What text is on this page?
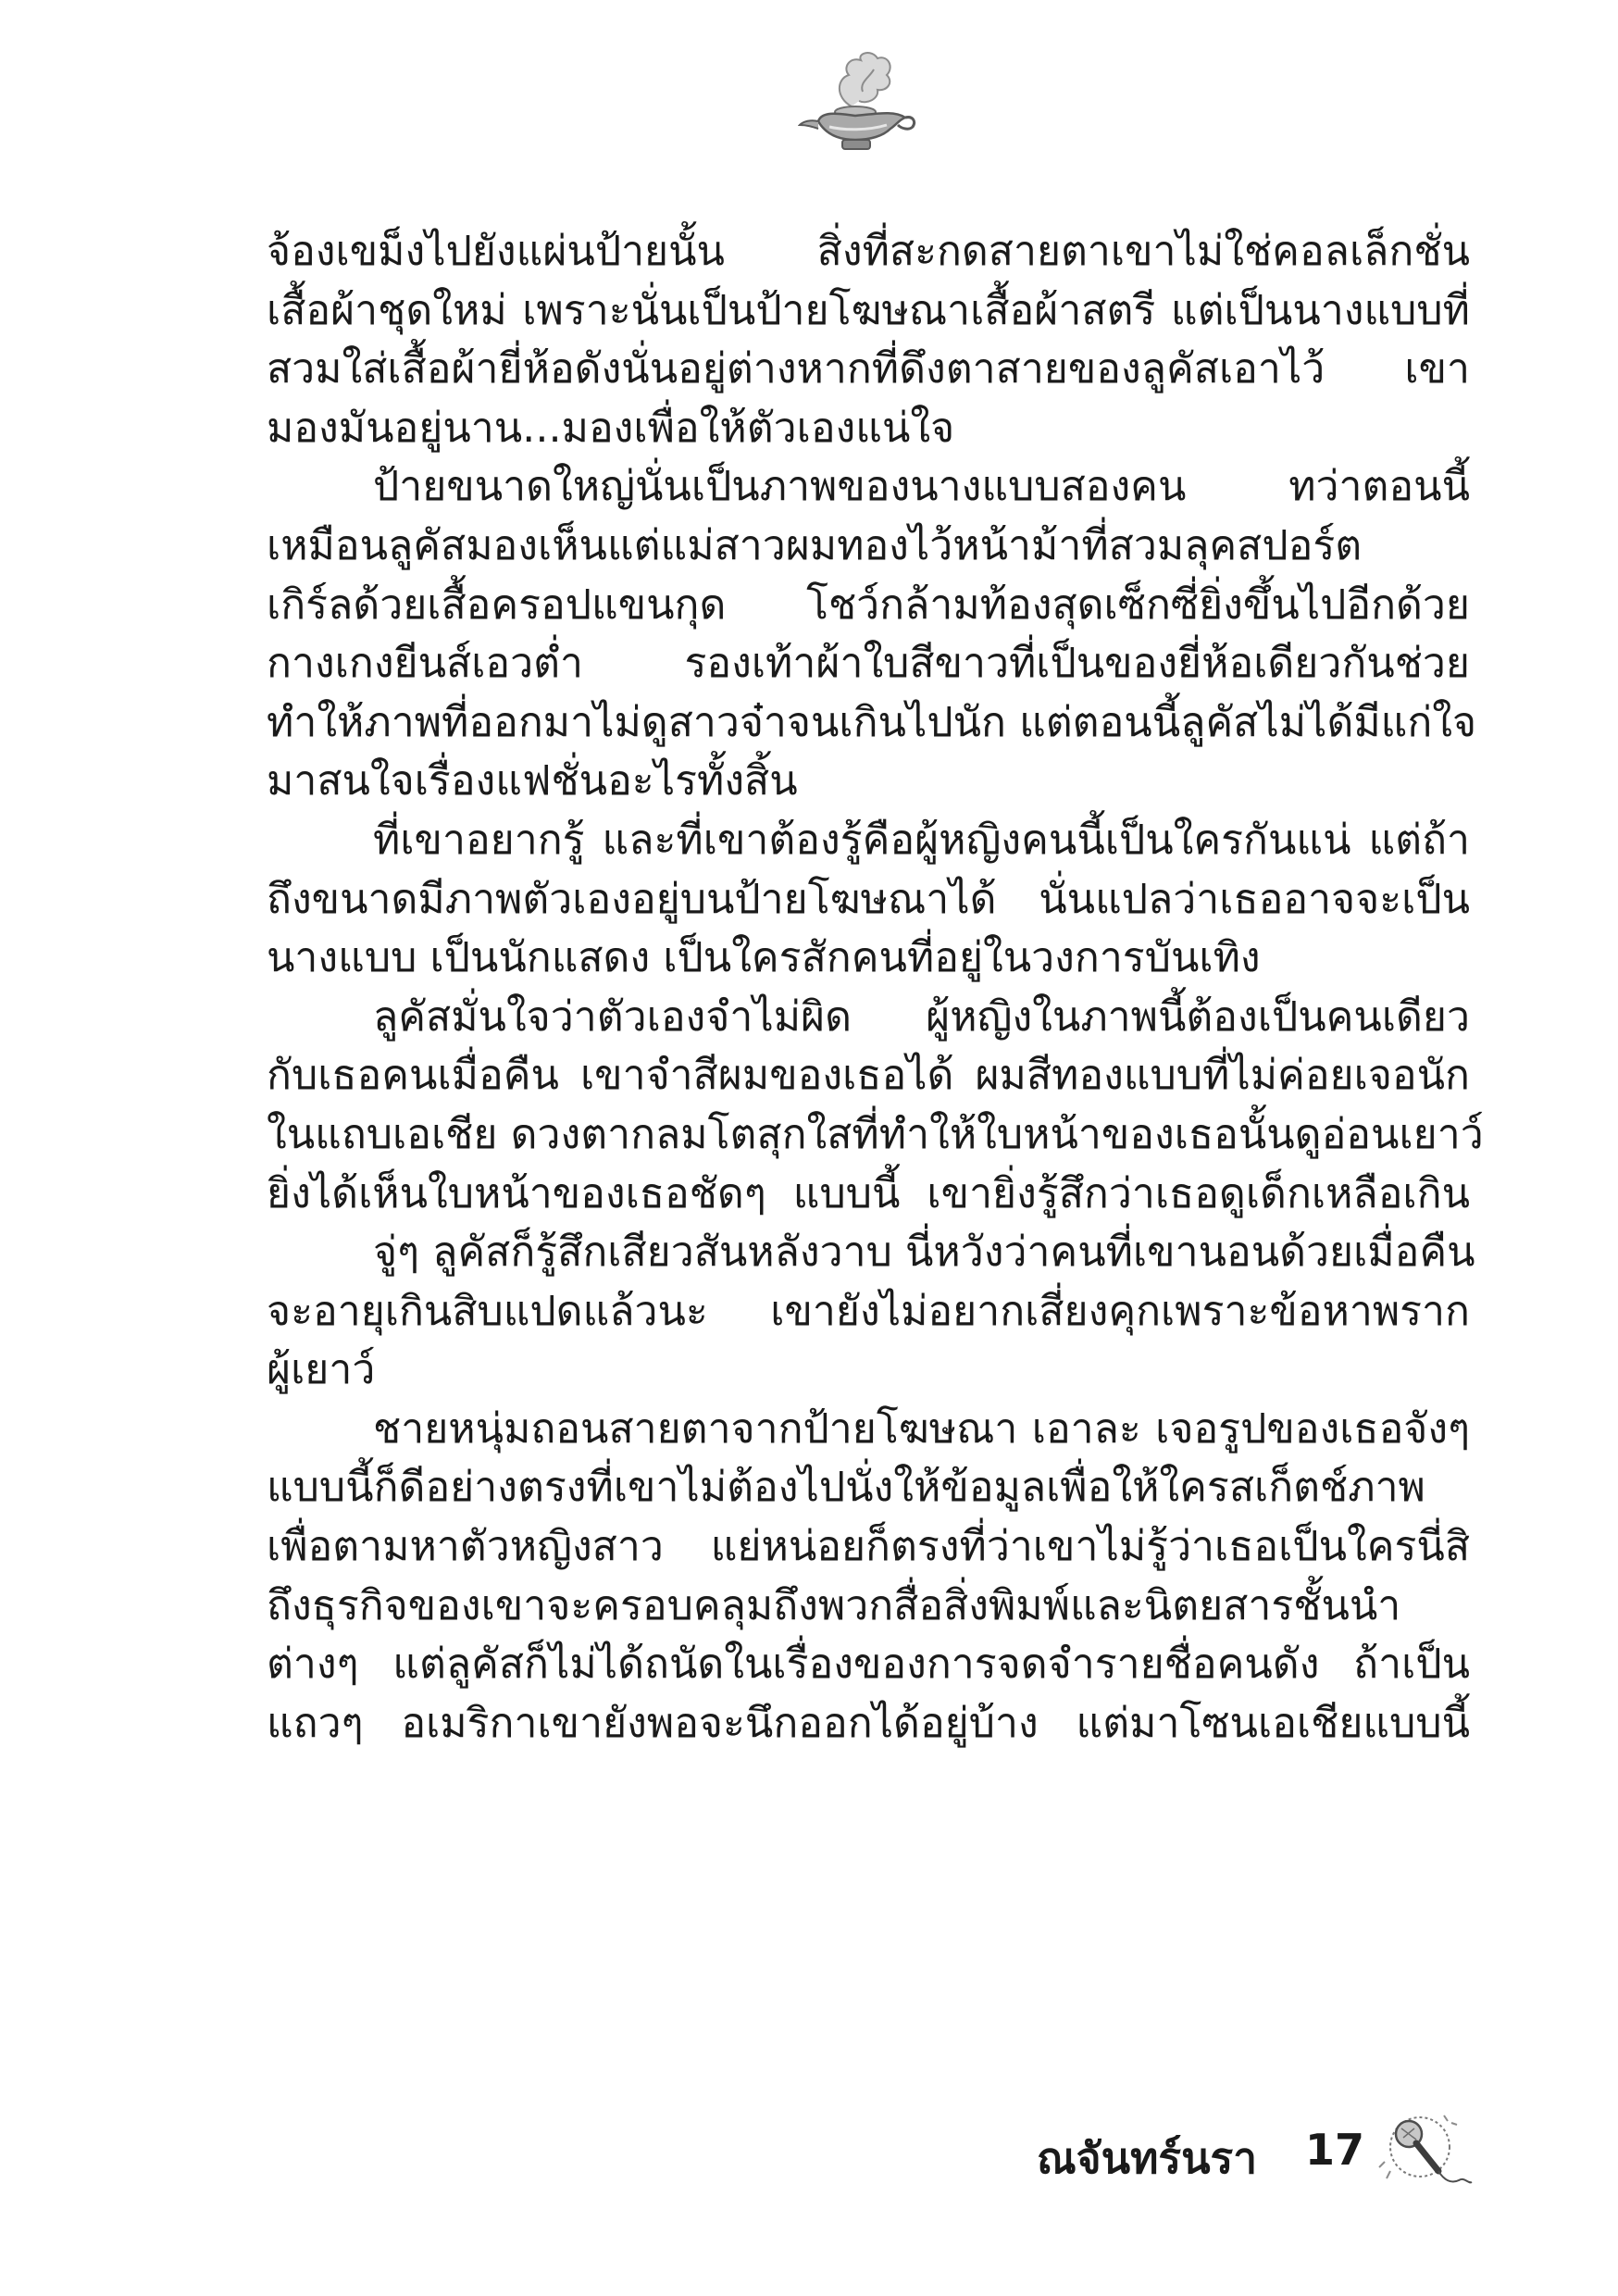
จ้องเขม็งไปยังแผ่นป้ายนั้น สิ่งที่สะกดสายตาเขาไม่ใช่คอลเล็กชั่น
เสื้อผ้าชุดใหม่ เพราะนั่นเป็นป้ายโฆษณาเสื้อผ้าสตรี แต่เป็นนางแบบที่
สวมใส่เสื้อผ้ายี่ห้อดังนั่นอยู่ต่างหากที่ดึงตาสายของลูคัสเอาไว้ เขา
มองมันอยู่นาน...มองเพื่อให้ตัวเองแน่ใจ
ป้ายขนาดใหญ่นั่นเป็นภาพของนางแบบสองคน ทว่าตอนนี้
เหมือนลูคัสมองเห็นแต่แม่สาวผมทองไว้หน้าม้าที่สวมลุคสปอร์ต
เกิร์ลด้วยเสื้อครอปแขนกุด โชว์กล้ามท้องสุดเซ็กซี่ยิ่งขึ้นไปอีกด้วย
กางเกงยีนส์เอวต่ำ รองเท้าผ้าใบสีขาวที่เป็นของยี่ห้อเดียวกันช่วย
ทำให้ภาพที่ออกมาไม่ดูสาวจ๋าจนเกินไปนัก แต่ตอนนี้ลูคัสไม่ได้มีแก่ใจ
มาสนใจเรื่องแฟชั่นอะไรทั้งสิ้น
ที่เขาอยากรู้ และที่เขาต้องรู้คือผู้หญิงคนนี้เป็นใครกันแน่ แต่ถ้า
ถึงขนาดมีภาพตัวเองอยู่บนป้ายโฆษณาได้ นั่นแปลว่าเธออาจจะเป็น
นางแบบ เป็นนักแสดง เป็นใครสักคนที่อยู่ในวงการบันเทิง
ลูคัสมั่นใจว่าตัวเองจำไม่ผิด ผู้หญิงในภาพนี้ต้องเป็นคนเดียว
กับเธอคนเมื่อคืน เขาจำสีผมของเธอได้ ผมสีทองแบบที่ไม่ค่อยเจอนัก
ในแถบเอเชีย ดวงตากลมโตสุกใสที่ทำให้ใบหน้าของเธอนั้นดูอ่อนเยาว์
ยิ่งได้เห็นใบหน้าของเธอชัดๆ แบบนี้ เขายิ่งรู้สึกว่าเธอดูเด็กเหลือเกิน
จู่ๆ ลูคัสก็รู้สึกเสียวสันหลังวาบ นี่หวังว่าคนที่เขานอนด้วยเมื่อคืน
จะอายุเกินสิบแปดแล้วนะ เขายังไม่อยากเสี่ยงคุกเพราะข้อหาพราก
ผู้เยาว์
ชายหนุ่มถอนสายตาจากป้ายโฆษณา เอาละ เจอรูปของเธอจังๆ
แบบนี้ก็ดีอย่างตรงที่เขาไม่ต้องไปนั่งให้ข้อมูลเพื่อให้ใครสเก็ตช์ภาพ
เพื่อตามหาตัวหญิงสาว แย่หน่อยก็ตรงที่ว่าเขาไม่รู้ว่าเธอเป็นใครนี่สิ
ถึงธุรกิจของเขาจะครอบคลุมถึงพวกสื่อสิ่งพิมพ์และนิตยสารชั้นนำ
ต่างๆ แต่ลูคัสก็ไม่ได้ถนัดในเรื่องของการจดจำรายชื่อคนดัง ถ้าเป็น
แถวๆ อเมริกาเขายังพอจะนึกออกได้อยู่บ้าง แต่มาโซนเอเชียแบบนี้
ณจันทร์นรา 17
